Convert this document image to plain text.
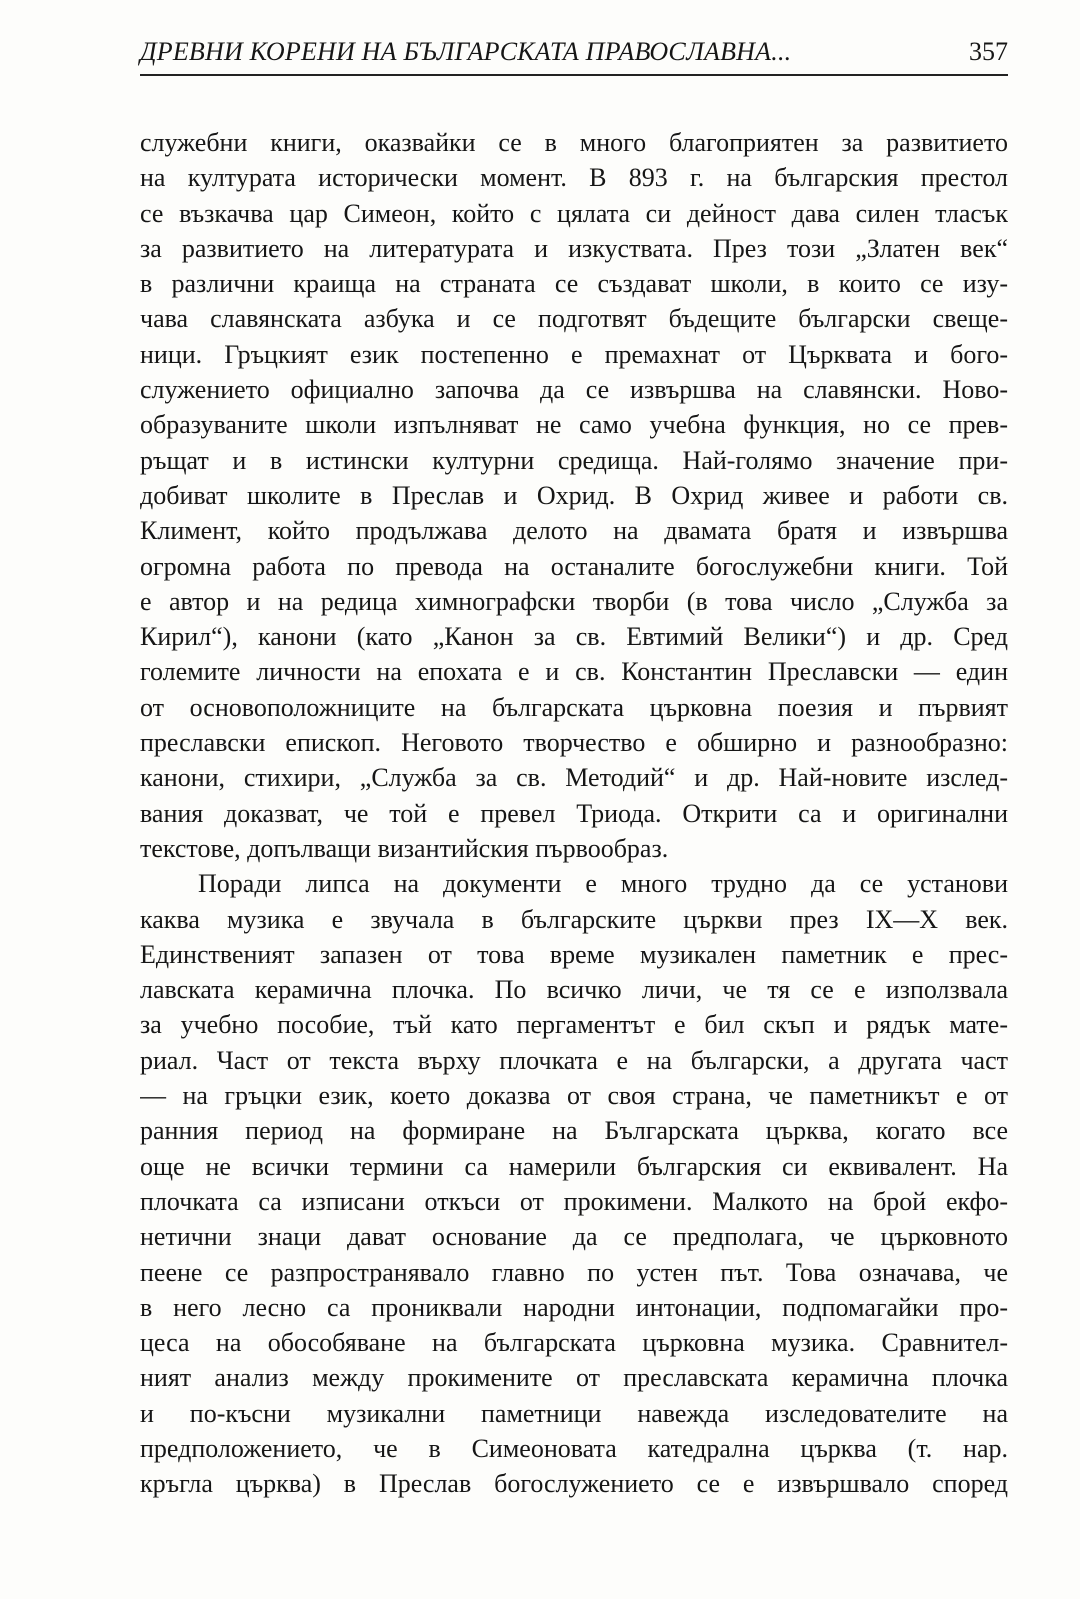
ДРЕВНИ КОРЕНИ НА БЪЛГАРСКАТА ПРАВОСЛАВНА...	357
служебни книги, оказвайки се в много благоприятен за развитието
на културата исторически момент. В 893 г. на българския престол
се възкачва цар Симеон, който с цялата си дейност дава силен тласък
за развитието на литературата и изкуствата. През този „Златен век“
в различни краища на страната се създават школи, в които се изу-
чава славянската азбука и се подготвят бъдещите български свеще-
ници. Гръцкият език постепенно е премахнат от Църквата и бого-
служението официално започва да се извършва на славянски. Ново-
образуваните школи изпълняват не само учебна функция, но се прев-
ръщат и в истински културни средища. Най-голямо значение при-
добиват школите в Преслав и Охрид. В Охрид живее и работи св.
Климент, който продължава делото на двамата братя и извършва
огромна работа по превода на останалите богослужебни книги. Той
е автор и на редица химнографски творби (в това число „Служба за
Кирил“), канони (като „Канон за св. Евтимий Велики“) и др. Сред
големите личности на епохата е и св. Константин Преславски — един
от основоположниците на българската църковна поезия и първият
преславски епископ. Неговото творчество е обширно и разнообразно:
канони, стихири, „Служба за св. Методий“ и др. Най-новите изслед-
вания доказват, че той е превел Триода. Открити са и оригинални
текстове, допълващи византийския първообраз.
Поради липса на документи е много трудно да се установи
каква музика е звучала в българските църкви през IX—X век.
Единственият запазен от това време музикален паметник е прес-
лавската керамична плочка. По всичко личи, че тя се е използвала
за учебно пособие, тъй като пергаментът е бил скъп и рядък мате-
риал. Част от текста върху плочката е на български, а другата част
— на гръцки език, което доказва от своя страна, че паметникът е от
ранния период на формиране на Българската църква, когато все
още не всички термини са намерили българския си еквивалент. На
плочката са изписани откъси от прокимени. Малкото на брой екфо-
нетични знаци дават основание да се предполага, че църковното
пеене се разпространявало главно по устен път. Това означава, че
в него лесно са прониквали народни интонации, подпомагайки про-
цеса на обособяване на българската църковна музика. Сравнител-
ният анализ между прокимените от преславската керамична плочка
и по-късни музикални паметници навежда изследователите на
предположението, че в Симеоновата катедрална църква (т. нар.
кръгла църква) в Преслав богослужението се е извършвало според
